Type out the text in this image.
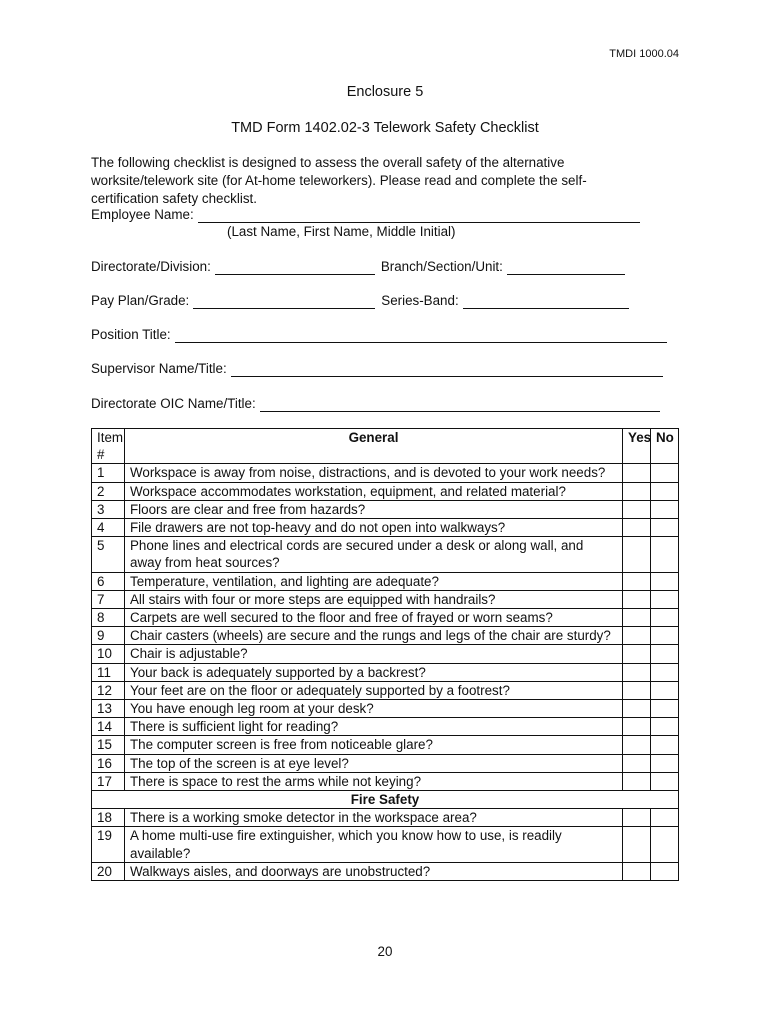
TMDI 1000.04
Enclosure 5
TMD Form 1402.02-3 Telework Safety Checklist
The following checklist is designed to assess the overall safety of the alternative worksite/telework site (for At-home teleworkers). Please read and complete the self-certification safety checklist.
Employee Name:
(Last Name, First Name, Middle Initial)
Directorate/Division:	Branch/Section/Unit:
Pay Plan/Grade:	Series-Band:
Position Title:
Supervisor Name/Title:
Directorate OIC Name/Title:
Item #	General	Yes	No
1	Workspace is away from noise, distractions, and is devoted to your work needs?		
2	Workspace accommodates workstation, equipment, and related material?		
3	Floors are clear and free from hazards?		
4	File drawers are not top-heavy and do not open into walkways?		
5	Phone lines and electrical cords are secured under a desk or along wall, and away from heat sources?		
6	Temperature, ventilation, and lighting are adequate?		
7	All stairs with four or more steps are equipped with handrails?		
8	Carpets are well secured to the floor and free of frayed or worn seams?		
9	Chair casters (wheels) are secure and the rungs and legs of the chair are sturdy?		
10	Chair is adjustable?		
11	Your back is adequately supported by a backrest?		
12	Your feet are on the floor or adequately supported by a footrest?		
13	You have enough leg room at your desk?		
14	There is sufficient light for reading?		
15	The computer screen is free from noticeable glare?		
16	The top of the screen is at eye level?		
17	There is space to rest the arms while not keying?		
Fire Safety			
18	There is a working smoke detector in the workspace area?		
19	A home multi-use fire extinguisher, which you know how to use, is readily available?		
20	Walkways aisles, and doorways are unobstructed?		
20
